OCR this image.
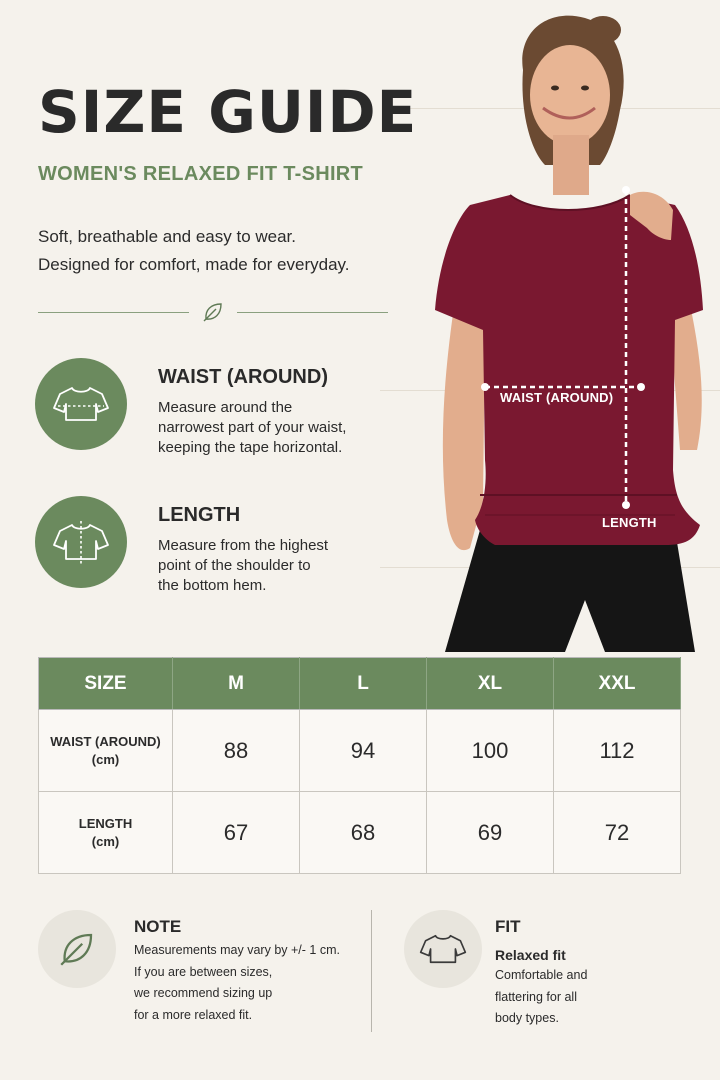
SIZE GUIDE
WOMEN'S RELAXED FIT T-SHIRT
Soft, breathable and easy to wear.
Designed for comfort, made for everyday.
WAIST (AROUND)

Measure around the
narrowest part of your waist,
keeping the tape horizontal.

LENGTH

Measure from the highest
point of the shoulder to
the bottom hem.

WAIST (AROUND)
LENGTH
SIZE	M	L	XL	XXL

WAIST (AROUND)
(cm)	88	94	100	112

LENGTH
(cm)	67	68	69	72
NOTE
Measurements may vary by +/- 1 cm.
If you are between sizes,
we recommend sizing up
for a more relaxed fit.
FIT
Relaxed fit
Comfortable and
flattering for all
body types.
